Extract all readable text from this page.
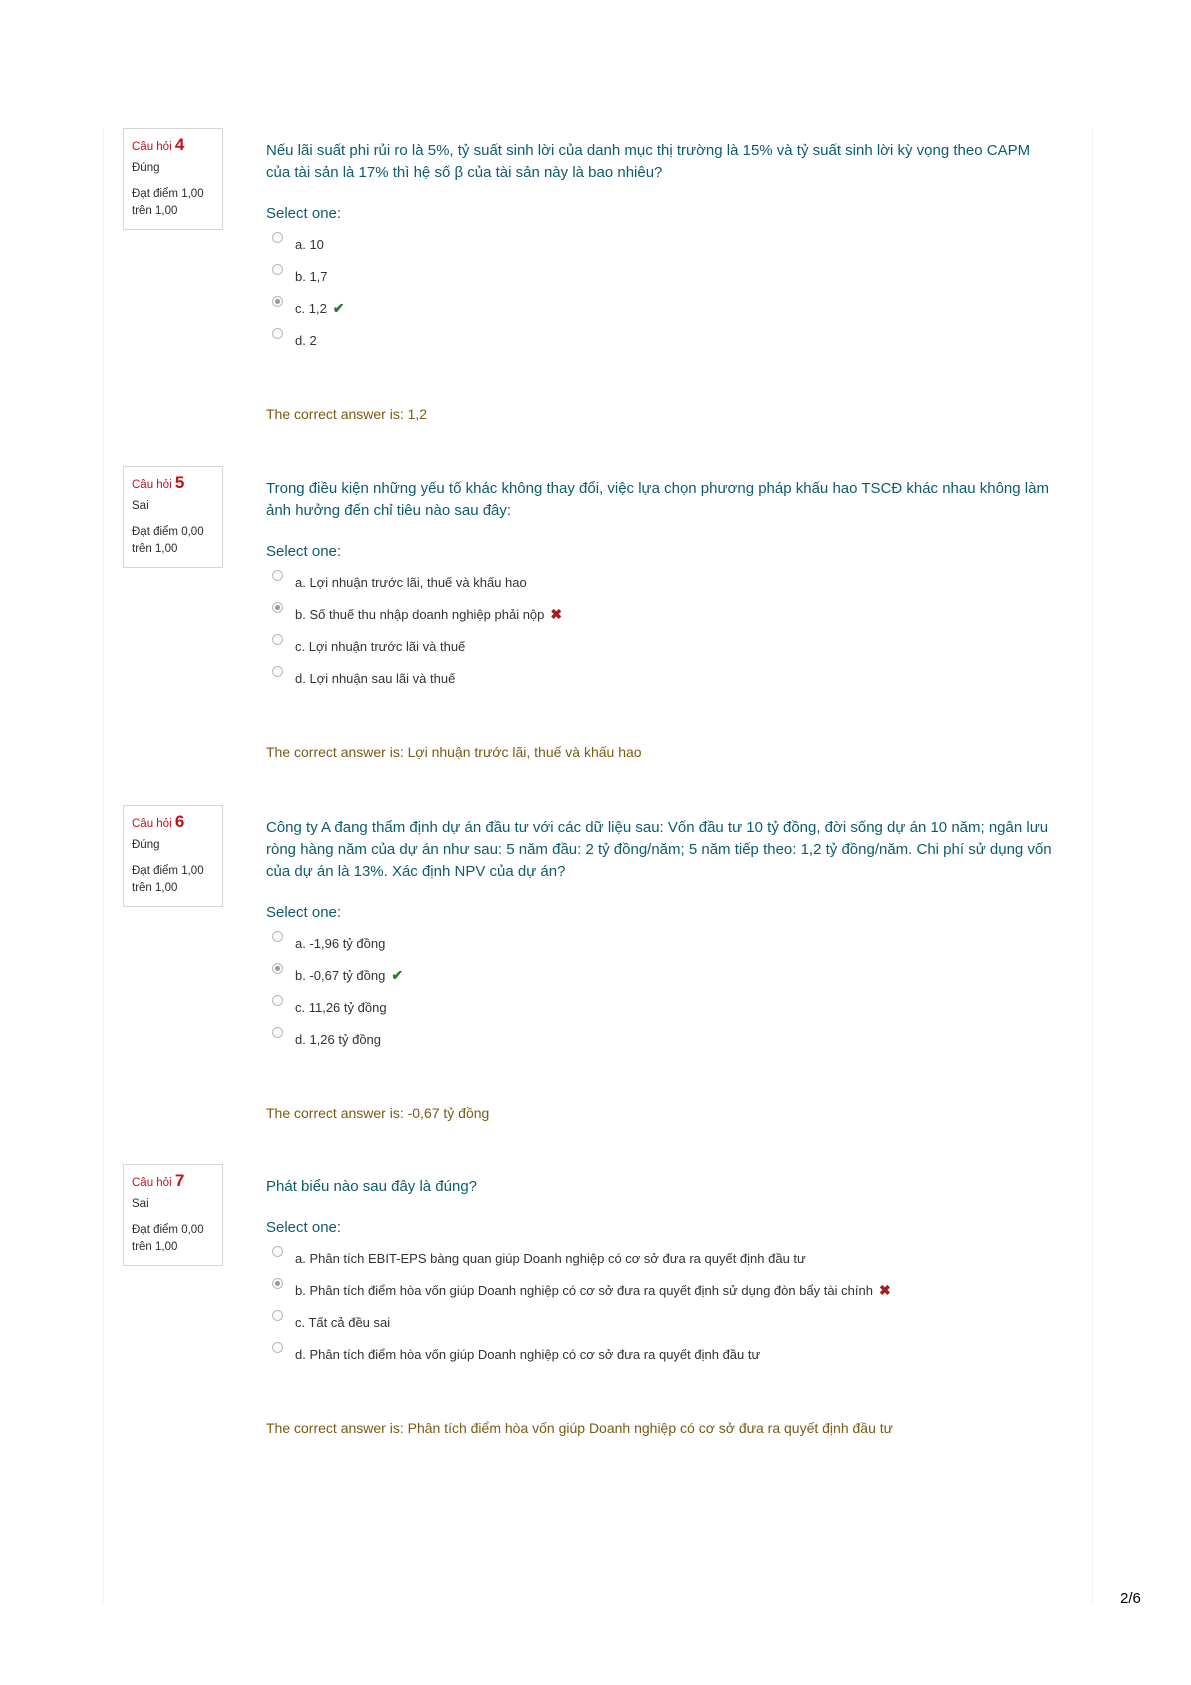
Câu hỏi 4
Đúng
Đạt điểm 1,00 trên 1,00
Nếu lãi suất phi rủi ro là 5%, tỷ suất sinh lời của danh mục thị trường là 15% và tỷ suất sinh lời kỳ vọng theo CAPM của tài sản là 17% thì hệ số β của tài sản này là bao nhiêu?
Select one:
a. 10
b. 1,7
c. 1,2 ✔
d. 2
The correct answer is: 1,2
Câu hỏi 5
Sai
Đạt điểm 0,00 trên 1,00
Trong điều kiện những yếu tố khác không thay đổi, việc lựa chọn phương pháp khấu hao TSCĐ khác nhau không làm ảnh hưởng đến chỉ tiêu nào sau đây:
Select one:
a. Lợi nhuận trước lãi, thuế và khấu hao
b. Số thuế thu nhập doanh nghiệp phải nộp ✖
c. Lợi nhuận trước lãi và thuế
d. Lợi nhuận sau lãi và thuế
The correct answer is: Lợi nhuận trước lãi, thuế và khấu hao
Câu hỏi 6
Đúng
Đạt điểm 1,00 trên 1,00
Công ty A đang thẩm định dự án đầu tư với các dữ liệu sau: Vốn đầu tư 10 tỷ đồng, đời sống dự án 10 năm; ngân lưu ròng hàng năm của dự án như sau: 5 năm đầu: 2 tỷ đồng/năm; 5 năm tiếp theo: 1,2 tỷ đồng/năm. Chi phí sử dụng vốn của dự án là 13%. Xác định NPV của dự án?
Select one:
a. -1,96 tỷ đồng
b. -0,67 tỷ đồng ✔
c. 11,26 tỷ đồng
d. 1,26 tỷ đồng
The correct answer is: -0,67 tỷ đồng
Câu hỏi 7
Sai
Đạt điểm 0,00 trên 1,00
Phát biểu nào sau đây là đúng?
Select one:
a. Phân tích EBIT-EPS bàng quan giúp Doanh nghiệp có cơ sở đưa ra quyết định đầu tư
b. Phân tích điểm hòa vốn giúp Doanh nghiệp có cơ sở đưa ra quyết định sử dụng đòn bẩy tài chính ✖
c. Tất cả đều sai
d. Phân tích điểm hòa vốn giúp Doanh nghiệp có cơ sở đưa ra quyết định đầu tư
The correct answer is: Phân tích điểm hòa vốn giúp Doanh nghiệp có cơ sở đưa ra quyết định đầu tư
2/6
